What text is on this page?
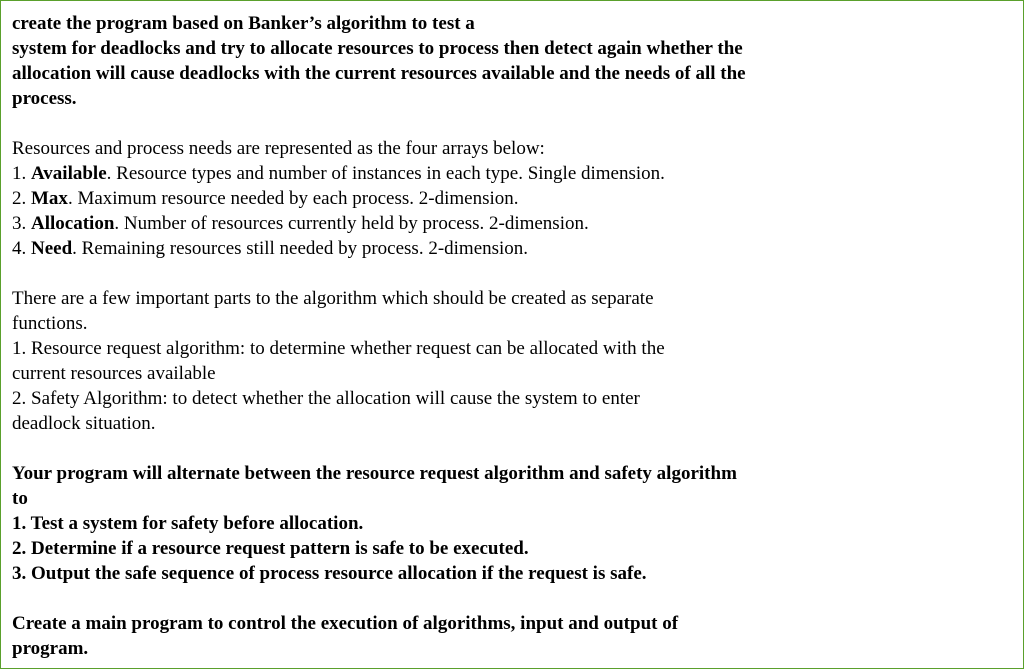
create the program based on Banker’s algorithm to test a
system for deadlocks and try to allocate resources to process then detect again whether the
allocation will cause deadlocks with the current resources available and the needs of all the
process.
Resources and process needs are represented as the four arrays below:
1. Available. Resource types and number of instances in each type. Single dimension.
2. Max. Maximum resource needed by each process. 2-dimension.
3. Allocation. Number of resources currently held by process. 2-dimension.
4. Need. Remaining resources still needed by process. 2-dimension.
There are a few important parts to the algorithm which should be created as separate
functions.
1. Resource request algorithm: to determine whether request can be allocated with the
current resources available
2. Safety Algorithm: to detect whether the allocation will cause the system to enter
deadlock situation.
Your program will alternate between the resource request algorithm and safety algorithm
to
1. Test a system for safety before allocation.
2. Determine if a resource request pattern is safe to be executed.
3. Output the safe sequence of process resource allocation if the request is safe.
Create a main program to control the execution of algorithms, input and output of
program.
